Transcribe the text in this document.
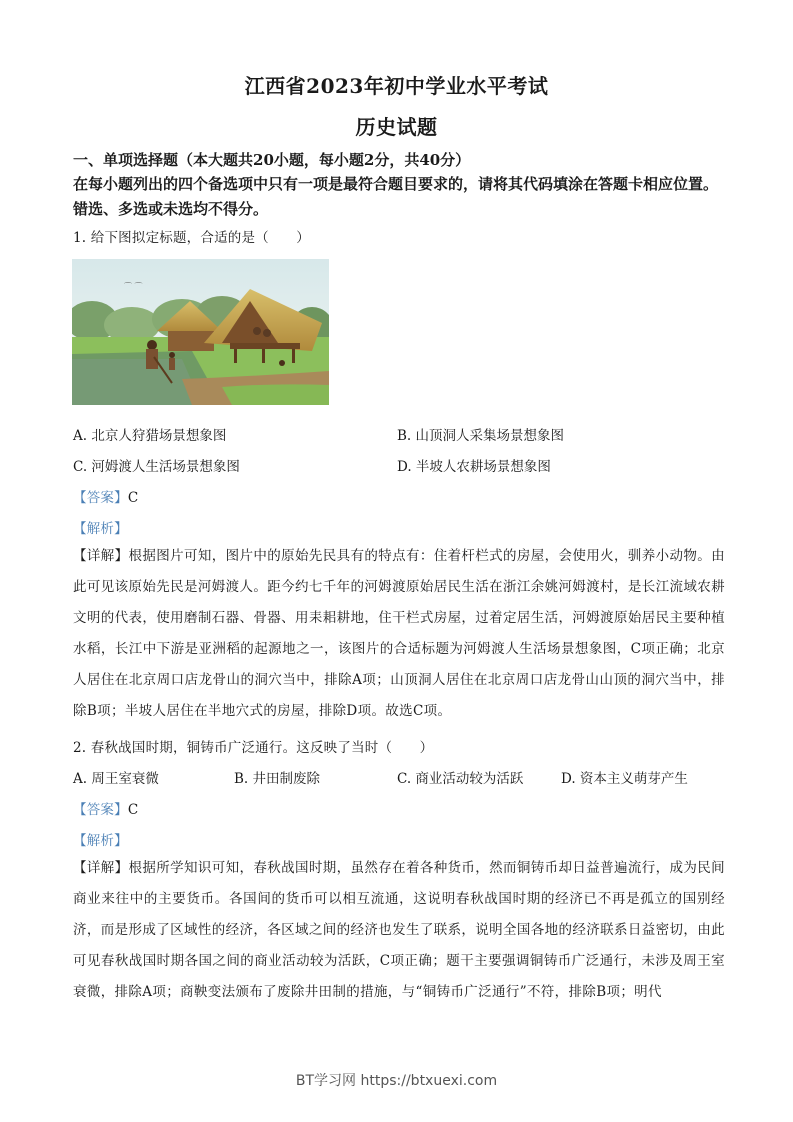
江西省2023年初中学业水平考试
历史试题
一、单项选择题（本大题共20小题，每小题2分，共40分）
在每小题列出的四个备选项中只有一项是最符合题目要求的，请将其代码填涂在答题卡相应位置。错选、多选或未选均不得分。
1. 给下图拟定标题，合适的是（　　）
⌒ ⌒
A. 北京人狩猎场景想象图	B. 山顶洞人采集场景想象图
C. 河姆渡人生活场景想象图	D. 半坡人农耕场景想象图
【答案】C
【解析】
【详解】根据图片可知，图片中的原始先民具有的特点有：住着杆栏式的房屋，会使用火，驯养小动物。由此可见该原始先民是河姆渡人。距今约七千年的河姆渡原始居民生活在浙江余姚河姆渡村，是长江流域农耕文明的代表，使用磨制石器、骨器、用耒耜耕地，住干栏式房屋，过着定居生活，河姆渡原始居民主要种植水稻，长江中下游是亚洲稻的起源地之一，该图片的合适标题为河姆渡人生活场景想象图，C项正确；北京人居住在北京周口店龙骨山的洞穴当中，排除A项；山顶洞人居住在北京周口店龙骨山山顶的洞穴当中，排除B项；半坡人居住在半地穴式的房屋，排除D项。故选C项。
2. 春秋战国时期，铜铸币广泛通行。这反映了当时（　　）
A. 周王室衰微	B. 井田制废除	C. 商业活动较为活跃	D. 资本主义萌芽产生
【答案】C
【解析】
【详解】根据所学知识可知，春秋战国时期，虽然存在着各种货币，然而铜铸币却日益普遍流行，成为民间商业来往中的主要货币。各国间的货币可以相互流通，这说明春秋战国时期的经济已不再是孤立的国别经济，而是形成了区域性的经济，各区域之间的经济也发生了联系，说明全国各地的经济联系日益密切，由此可见春秋战国时期各国之间的商业活动较为活跃，C项正确；题干主要强调铜铸币广泛通行，未涉及周王室衰微，排除A项；商鞅变法颁布了废除井田制的措施，与“铜铸币广泛通行”不符，排除B项；明代
BT学习网 https://btxuexi.com
